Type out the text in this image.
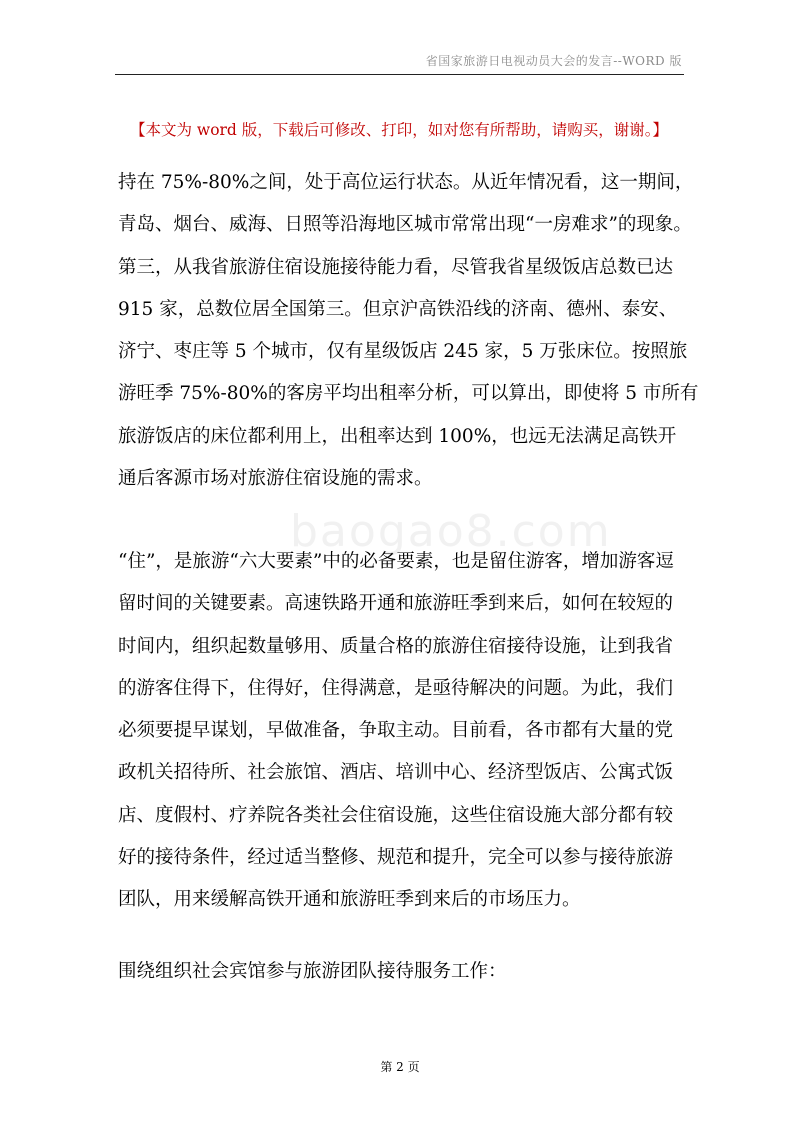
省国家旅游日电视动员大会的发言--WORD 版
baogao8.com
【本文为 word 版，下载后可修改、打印，如对您有所帮助，请购买，谢谢。】

持在 75%-80%之间，处于高位运行状态。从近年情况看，这一期间，
青岛、烟台、威海、日照等沿海地区城市常常出现“一房难求”的现象。
第三，从我省旅游住宿设施接待能力看，尽管我省星级饭店总数已达
915 家，总数位居全国第三。但京沪高铁沿线的济南、德州、泰安、
济宁、枣庄等 5 个城市，仅有星级饭店 245 家，5 万张床位。按照旅
游旺季 75%-80%的客房平均出租率分析，可以算出，即使将 5 市所有
旅游饭店的床位都利用上，出租率达到 100%，也远无法满足高铁开
通后客源市场对旅游住宿设施的需求。

“住”，是旅游“六大要素”中的必备要素，也是留住游客，增加游客逗
留时间的关键要素。高速铁路开通和旅游旺季到来后，如何在较短的
时间内，组织起数量够用、质量合格的旅游住宿接待设施，让到我省
的游客住得下，住得好，住得满意，是亟待解决的问题。为此，我们
必须要提早谋划，早做准备，争取主动。目前看，各市都有大量的党
政机关招待所、社会旅馆、酒店、培训中心、经济型饭店、公寓式饭
店、度假村、疗养院各类社会住宿设施，这些住宿设施大部分都有较
好的接待条件，经过适当整修、规范和提升，完全可以参与接待旅游
团队，用来缓解高铁开通和旅游旺季到来后的市场压力。

围绕组织社会宾馆参与旅游团队接待服务工作：

第 2 页
